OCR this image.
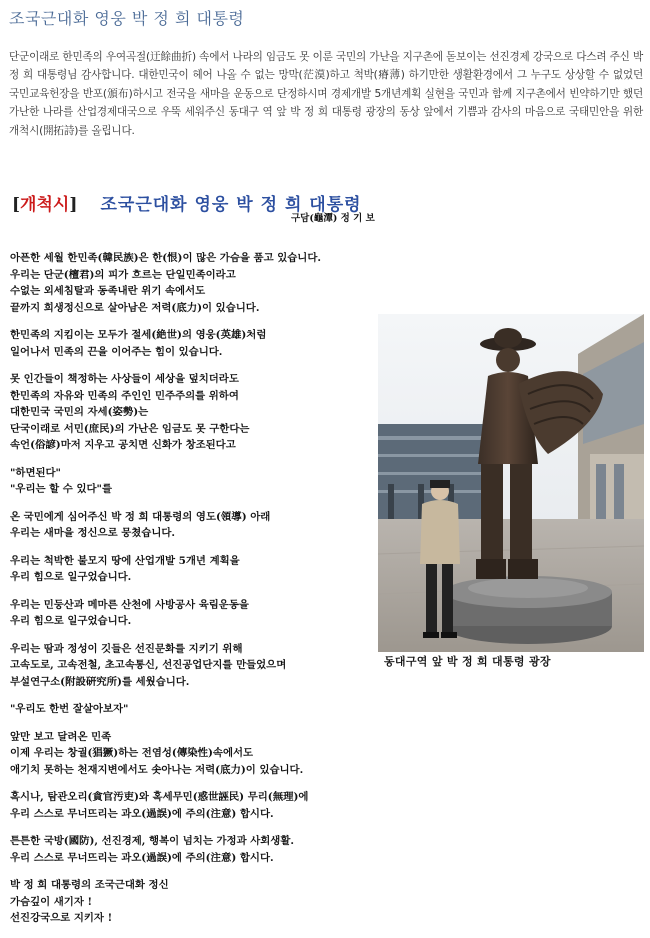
조국근대화 영웅 박 정 희 대통령
단군이래로 한민족의 우여곡절(迂餘曲折) 속에서 나라의 임금도 못 이룬 국민의 가난을 지구촌에 돋보이는 선진경제 강국으로 다스려 주신 박 정 희 대통령님 감사합니다. 대한민국이 헤어 나올 수 없는 망막(茫漠)하고 척박(瘠薄) 하기만한 생활환경에서 그 누구도 상상할 수 없었던 국민교육헌장을 반포(頒布)하시고 전국을 새마을 운동으로 단정하시며 경제개발 5개년계획 실현을 국민과 함께 지구촌에서 빈약하기만 했던 가난한 나라를 산업경제대국으로 우뚝 세워주신 동대구 역 앞 박 정 희 대통령 광장의 동상 앞에서 기쁨과 감사의 마음으로 국태민안을 위한 개척시(開拓詩)를 올립니다.
[개척시] 조국근대화 영웅 박 정 희 대통령
구담(龜潭) 정 기 보
아픈한 세월 한민족(韓民族)은 한(恨)이 많은 가슴을 품고 있습니다.
우리는 단군(檀君)의 피가 흐르는 단일민족이라고
수없는 외세침탈과 동족내란 위기 속에서도
끝까지 희생정신으로 살아남은 저력(底力)이 있습니다.
한민족의 지킴이는 모두가 절세(絶世)의 영웅(英雄)처럼
일어나서 민족의 끈을 이어주는 힘이 있습니다.
못 인간들이 책정하는 사상들이 세상을 덮치더라도
한민족의 자유와 민족의 주인인 민주주의를 위하여
대한민국 국민의 자세(姿勢)는
단국이래로 서민(庶民)의 가난은 임금도 못 구한다는
속언(俗諺)마저 지우고 공치면 신화가 창조된다고
"하면된다"
"우리는 할 수 있다"를
온 국민에게 심어주신 박 정 희 대통령의 영도(領導) 아래
우리는 새마을 정신으로 뭉쳤습니다.
우리는 척박한 불모지 땅에 산업개발 5개년 계획을
우리 힘으로 일구었습니다.
우리는 민둥산과 메마른 산천에 사방공사 육림운동을
우리 힘으로 일구었습니다.
우리는 땀과 정성이 깃들은 선진문화를 지키기 위해
고속도로, 고속전철, 초고속통신, 선진공업단지를 만들었으며
부설연구소(附設硏究所)를 세웠습니다.
"우리도 한번 잘살아보자"
앞만 보고 달려온 민족
이제 우리는 창궐(猖獗)하는 전염성(傳染性)속에서도
애기치 못하는 천재지변에서도 솟아나는 저력(底力)이 있습니다.
혹시나, 탐관오리(貪官汚吏)와 혹세무민(惑世誣民) 무리(無理)에
우리 스스로 무너뜨리는 과오(過誤)에 주의(注意) 합시다.
튼튼한 국방(國防), 선진경제, 행복이 넘치는 가정과 사회생활.
우리 스스로 무너뜨리는 과오(過誤)에 주의(注意) 합시다.
박 정 희 대통령의 조국근대화 정신
가슴깊이 새기자 !
선진강국으로 지키자 !
동대구역 앞 박 정 희 대통령 광장
